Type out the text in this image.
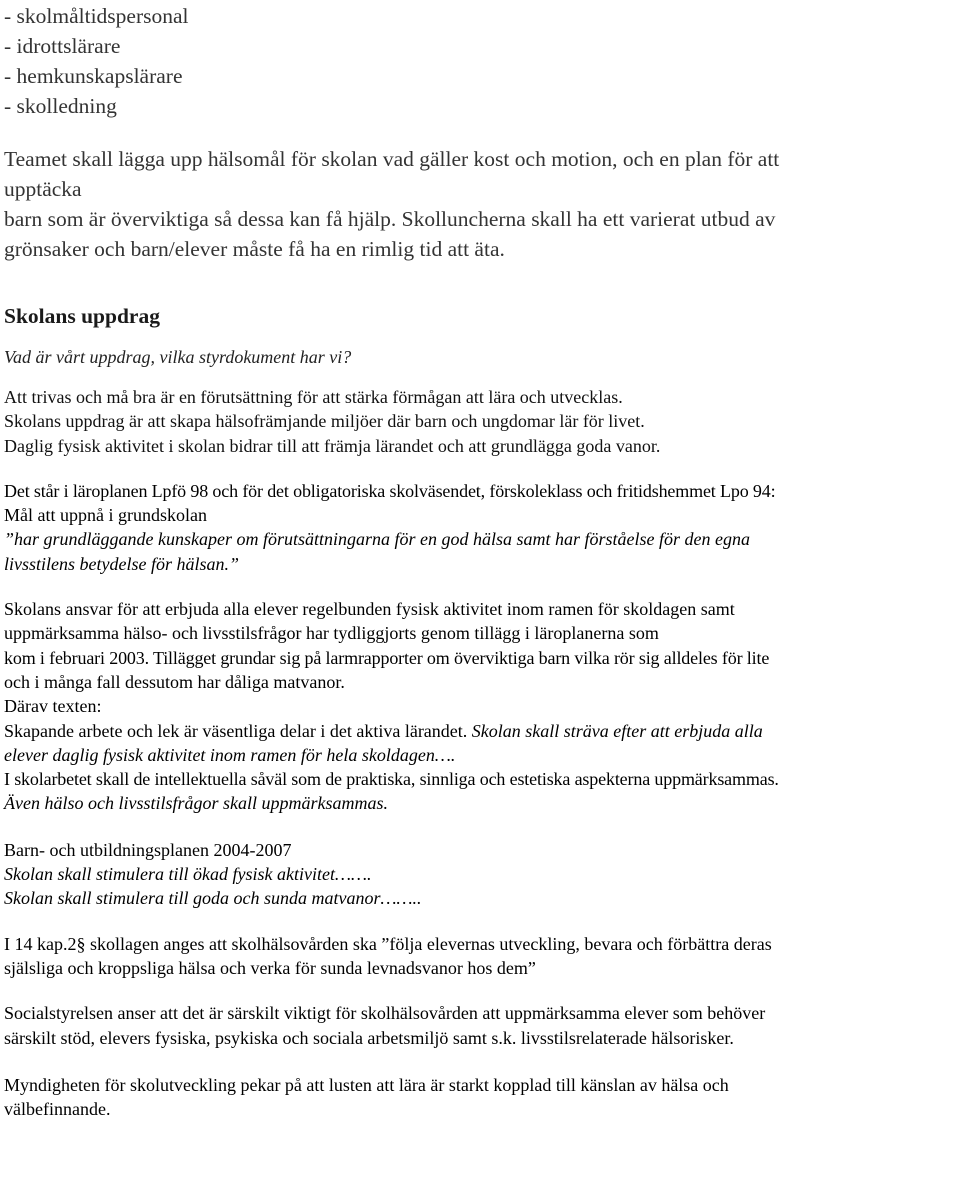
- skolmåltidspersonal
- idrottslärare
- hemkunskapslärare
- skolledning
Teamet skall lägga upp hälsomål för skolan vad gäller kost och motion, och en plan för att
upptäcka
barn som är överviktiga så dessa kan få hjälp. Skolluncherna skall ha ett varierat utbud av
grönsaker och barn/elever måste få ha en rimlig tid att äta.
Skolans uppdrag
Vad är vårt uppdrag, vilka styrdokument har vi?
Att trivas och må bra är en förutsättning för att stärka förmågan att lära och utvecklas.
Skolans uppdrag är att skapa hälsofrämjande miljöer där barn och ungdomar lär för livet.
Daglig fysisk aktivitet i skolan bidrar till att främja lärandet och att grundlägga goda vanor.
Det står i läroplanen Lpfö 98 och för det obligatoriska skolväsendet, förskoleklass och fritidshemmet Lpo 94:
Mål att uppnå i grundskolan
”har grundläggande kunskaper om förutsättningarna för en god hälsa samt har förståelse för den egna
livsstilens betydelse för hälsan.”
Skolans ansvar för att erbjuda alla elever regelbunden fysisk aktivitet inom ramen för skoldagen samt
uppmärksamma hälso- och livsstilsfrågor har tydliggjorts genom tillägg i läroplanerna som
kom i februari 2003. Tillägget grundar sig på larmrapporter om överviktiga barn vilka rör sig alldeles för lite
och i många fall dessutom har dåliga matvanor.
Därav texten:
Skapande arbete och lek är väsentliga delar i det aktiva lärandet. Skolan skall sträva efter att erbjuda alla
elever daglig fysisk aktivitet inom ramen för hela skoldagen….
I skolarbetet skall de intellektuella såväl som de praktiska, sinnliga och estetiska aspekterna uppmärksammas.
Även hälso och livsstilsfrågor skall uppmärksammas.
Barn- och utbildningsplanen 2004-2007
Skolan skall stimulera till ökad fysisk aktivitet…….
Skolan skall stimulera till goda och sunda matvanor……..
I 14 kap.2§ skollagen anges att skolhälsovården ska ”följa elevernas utveckling, bevara och förbättra deras
själsliga och kroppsliga hälsa och verka för sunda levnadsvanor hos dem”
Socialstyrelsen anser att det är särskilt viktigt för skolhälsovården att uppmärksamma elever som behöver
särskilt stöd, elevers fysiska, psykiska och sociala arbetsmiljö samt s.k. livsstilsrelaterade hälsorisker.
Myndigheten för skolutveckling pekar på att lusten att lära är starkt kopplad till känslan av hälsa och
välbefinnande.
